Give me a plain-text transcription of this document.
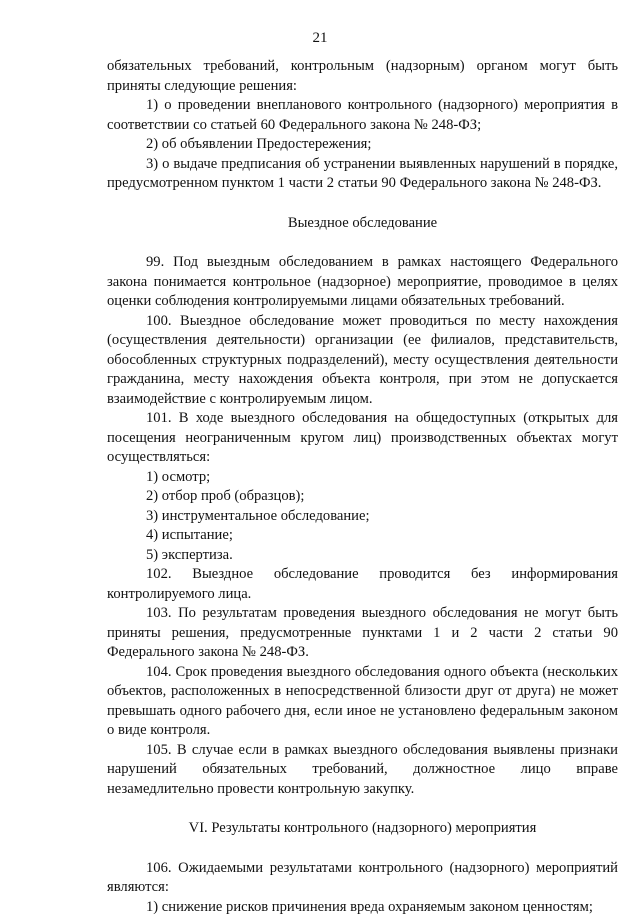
21

обязательных требований, контрольным (надзорным) органом могут быть приняты следующие решения:

1) о проведении внепланового контрольного (надзорного) мероприятия в соответствии со статьей 60 Федерального закона № 248-ФЗ;

2) об объявлении Предостережения;

3) о выдаче предписания об устранении выявленных нарушений в порядке, предусмотренном пунктом 1 части 2 статьи 90 Федерального закона № 248-ФЗ.

Выездное обследование

99. Под выездным обследованием в рамках настоящего Федерального закона понимается контрольное (надзорное) мероприятие, проводимое в целях оценки соблюдения контролируемыми лицами обязательных требований.

100. Выездное обследование может проводиться по месту нахождения (осуществления деятельности) организации (ее филиалов, представительств, обособленных структурных подразделений), месту осуществления деятельности гражданина, месту нахождения объекта контроля, при этом не допускается взаимодействие с контролируемым лицом.

101. В ходе выездного обследования на общедоступных (открытых для посещения неограниченным кругом лиц) производственных объектах могут осуществляться:

1) осмотр;

2) отбор проб (образцов);

3) инструментальное обследование;

4) испытание;

5) экспертиза.

102. Выездное обследование проводится без информирования контролируемого лица.

103. По результатам проведения выездного обследования не могут быть приняты решения, предусмотренные пунктами 1 и 2 части 2 статьи 90 Федерального закона № 248-ФЗ.

104. Срок проведения выездного обследования одного объекта (нескольких объектов, расположенных в непосредственной близости друг от друга) не может превышать одного рабочего дня, если иное не установлено федеральным законом о виде контроля.

105. В случае если в рамках выездного обследования выявлены признаки нарушений обязательных требований, должностное лицо вправе незамедлительно провести контрольную закупку.

VI. Результаты контрольного (надзорного) мероприятия

106. Ожидаемыми результатами контрольного (надзорного) мероприятий являются:

1) снижение рисков причинения вреда охраняемым законом ценностям;
